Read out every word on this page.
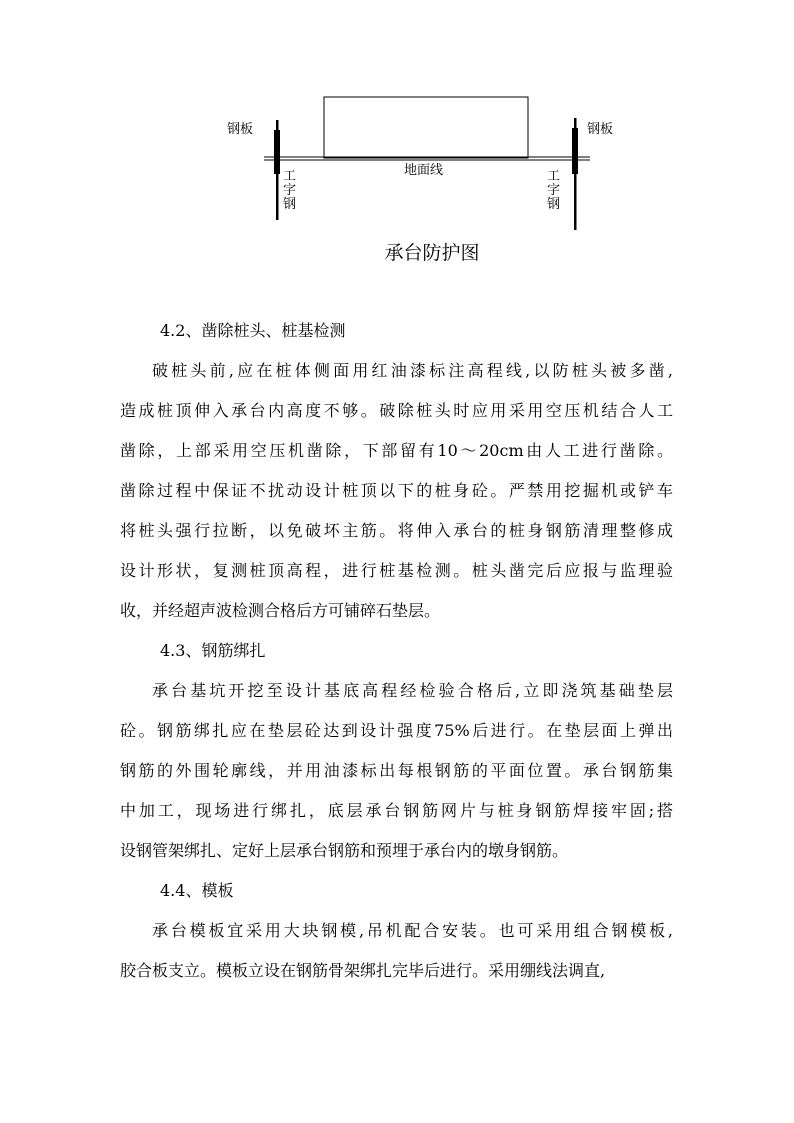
钢板	钢板
地面线
工字钢
工字钢

承台防护图

4.2、凿除桩头、桩基检测

破桩头前,应在桩体侧面用红油漆标注高程线,以防桩头被多凿,
造成桩顶伸入承台内高度不够。破除桩头时应用采用空压机结合人工
凿除，上部采用空压机凿除，下部留有10～20cm由人工进行凿除。
凿除过程中保证不扰动设计桩顶以下的桩身砼。严禁用挖掘机或铲车
将桩头强行拉断，以免破坏主筋。将伸入承台的桩身钢筋清理整修成
设计形状，复测桩顶高程，进行桩基检测。桩头凿完后应报与监理验
收，并经超声波检测合格后方可铺碎石垫层。

4.3、钢筋绑扎

承台基坑开挖至设计基底高程经检验合格后,立即浇筑基础垫层
砼。钢筋绑扎应在垫层砼达到设计强度75%后进行。在垫层面上弹出
钢筋的外围轮廓线，并用油漆标出每根钢筋的平面位置。承台钢筋集
中加工，现场进行绑扎，底层承台钢筋网片与桩身钢筋焊接牢固;搭
设钢管架绑扎、定好上层承台钢筋和预埋于承台内的墩身钢筋。

4.4、模板

承台模板宜采用大块钢模,吊机配合安装。也可采用组合钢模板,
胶合板支立。模板立设在钢筋骨架绑扎完毕后进行。采用绷线法调直,
